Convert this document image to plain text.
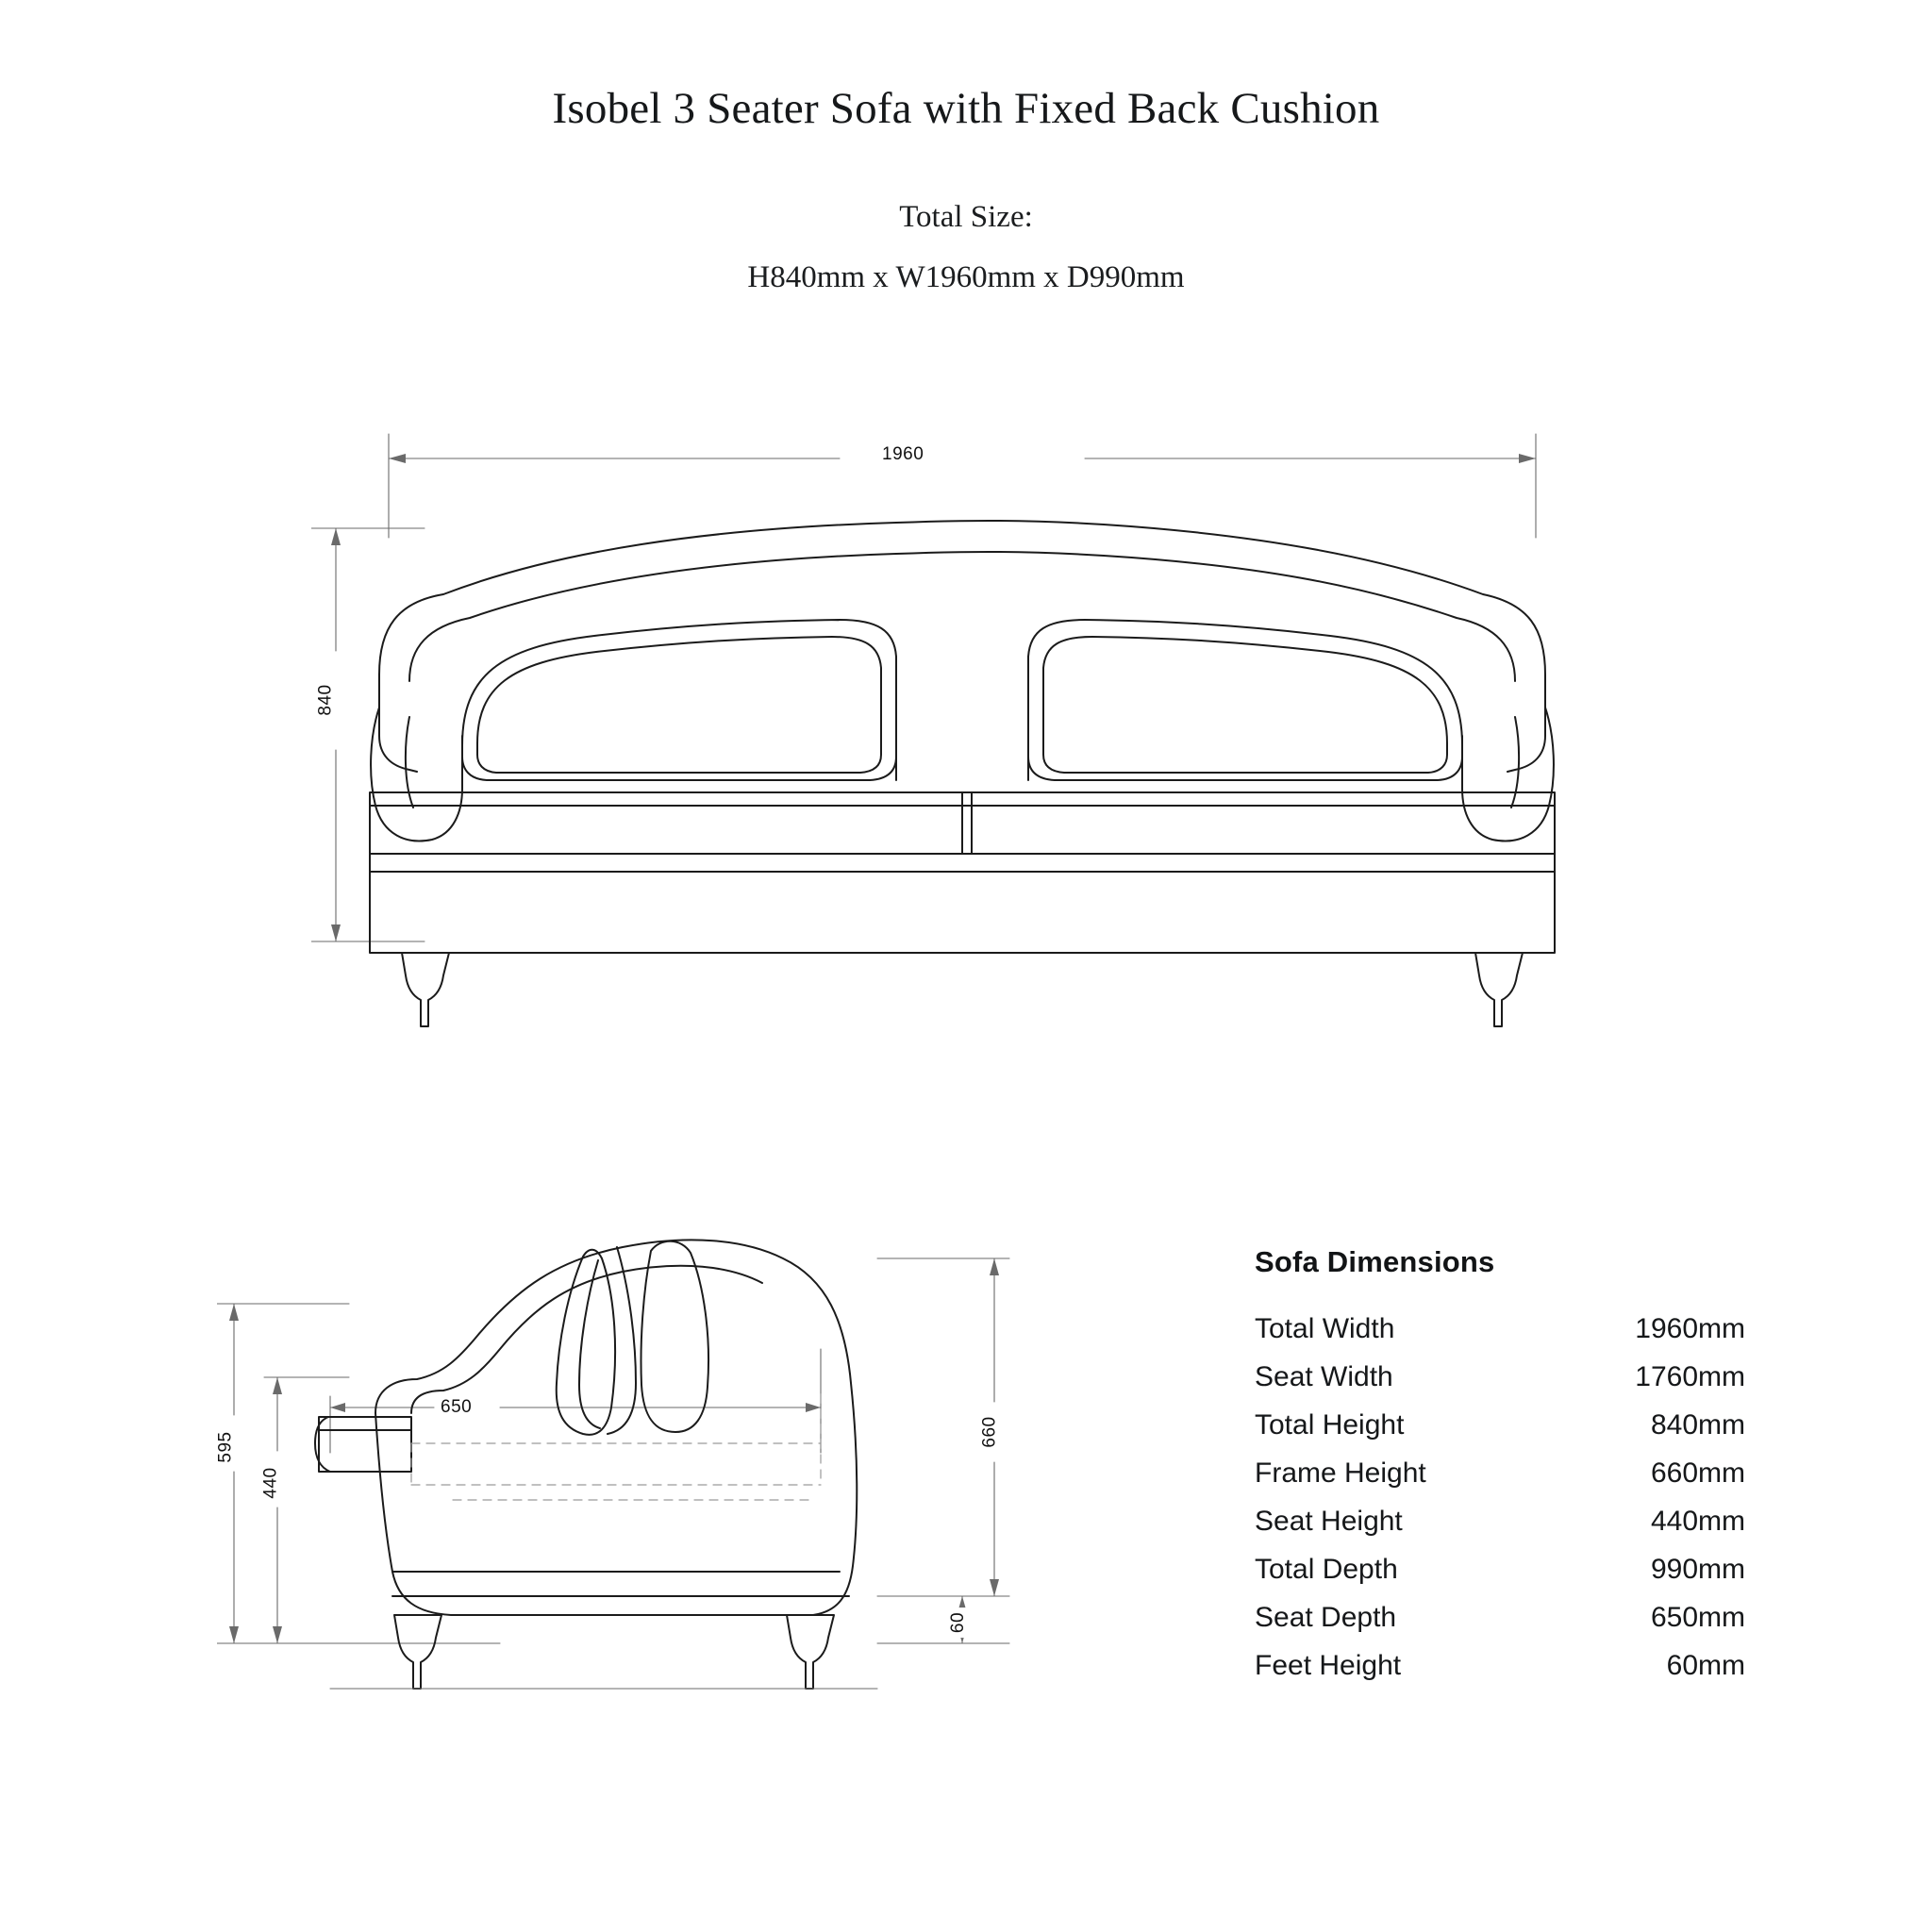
Isobel 3 Seater Sofa with Fixed Back Cushion
Total Size:
H840mm x W1960mm x D990mm
1960
840
595
440
650
660
60
Sofa Dimensions
Total Width	1960mm
Seat Width	1760mm
Total Height	840mm
Frame Height	660mm
Seat Height	440mm
Total Depth	990mm
Seat Depth	650mm
Feet Height	60mm
